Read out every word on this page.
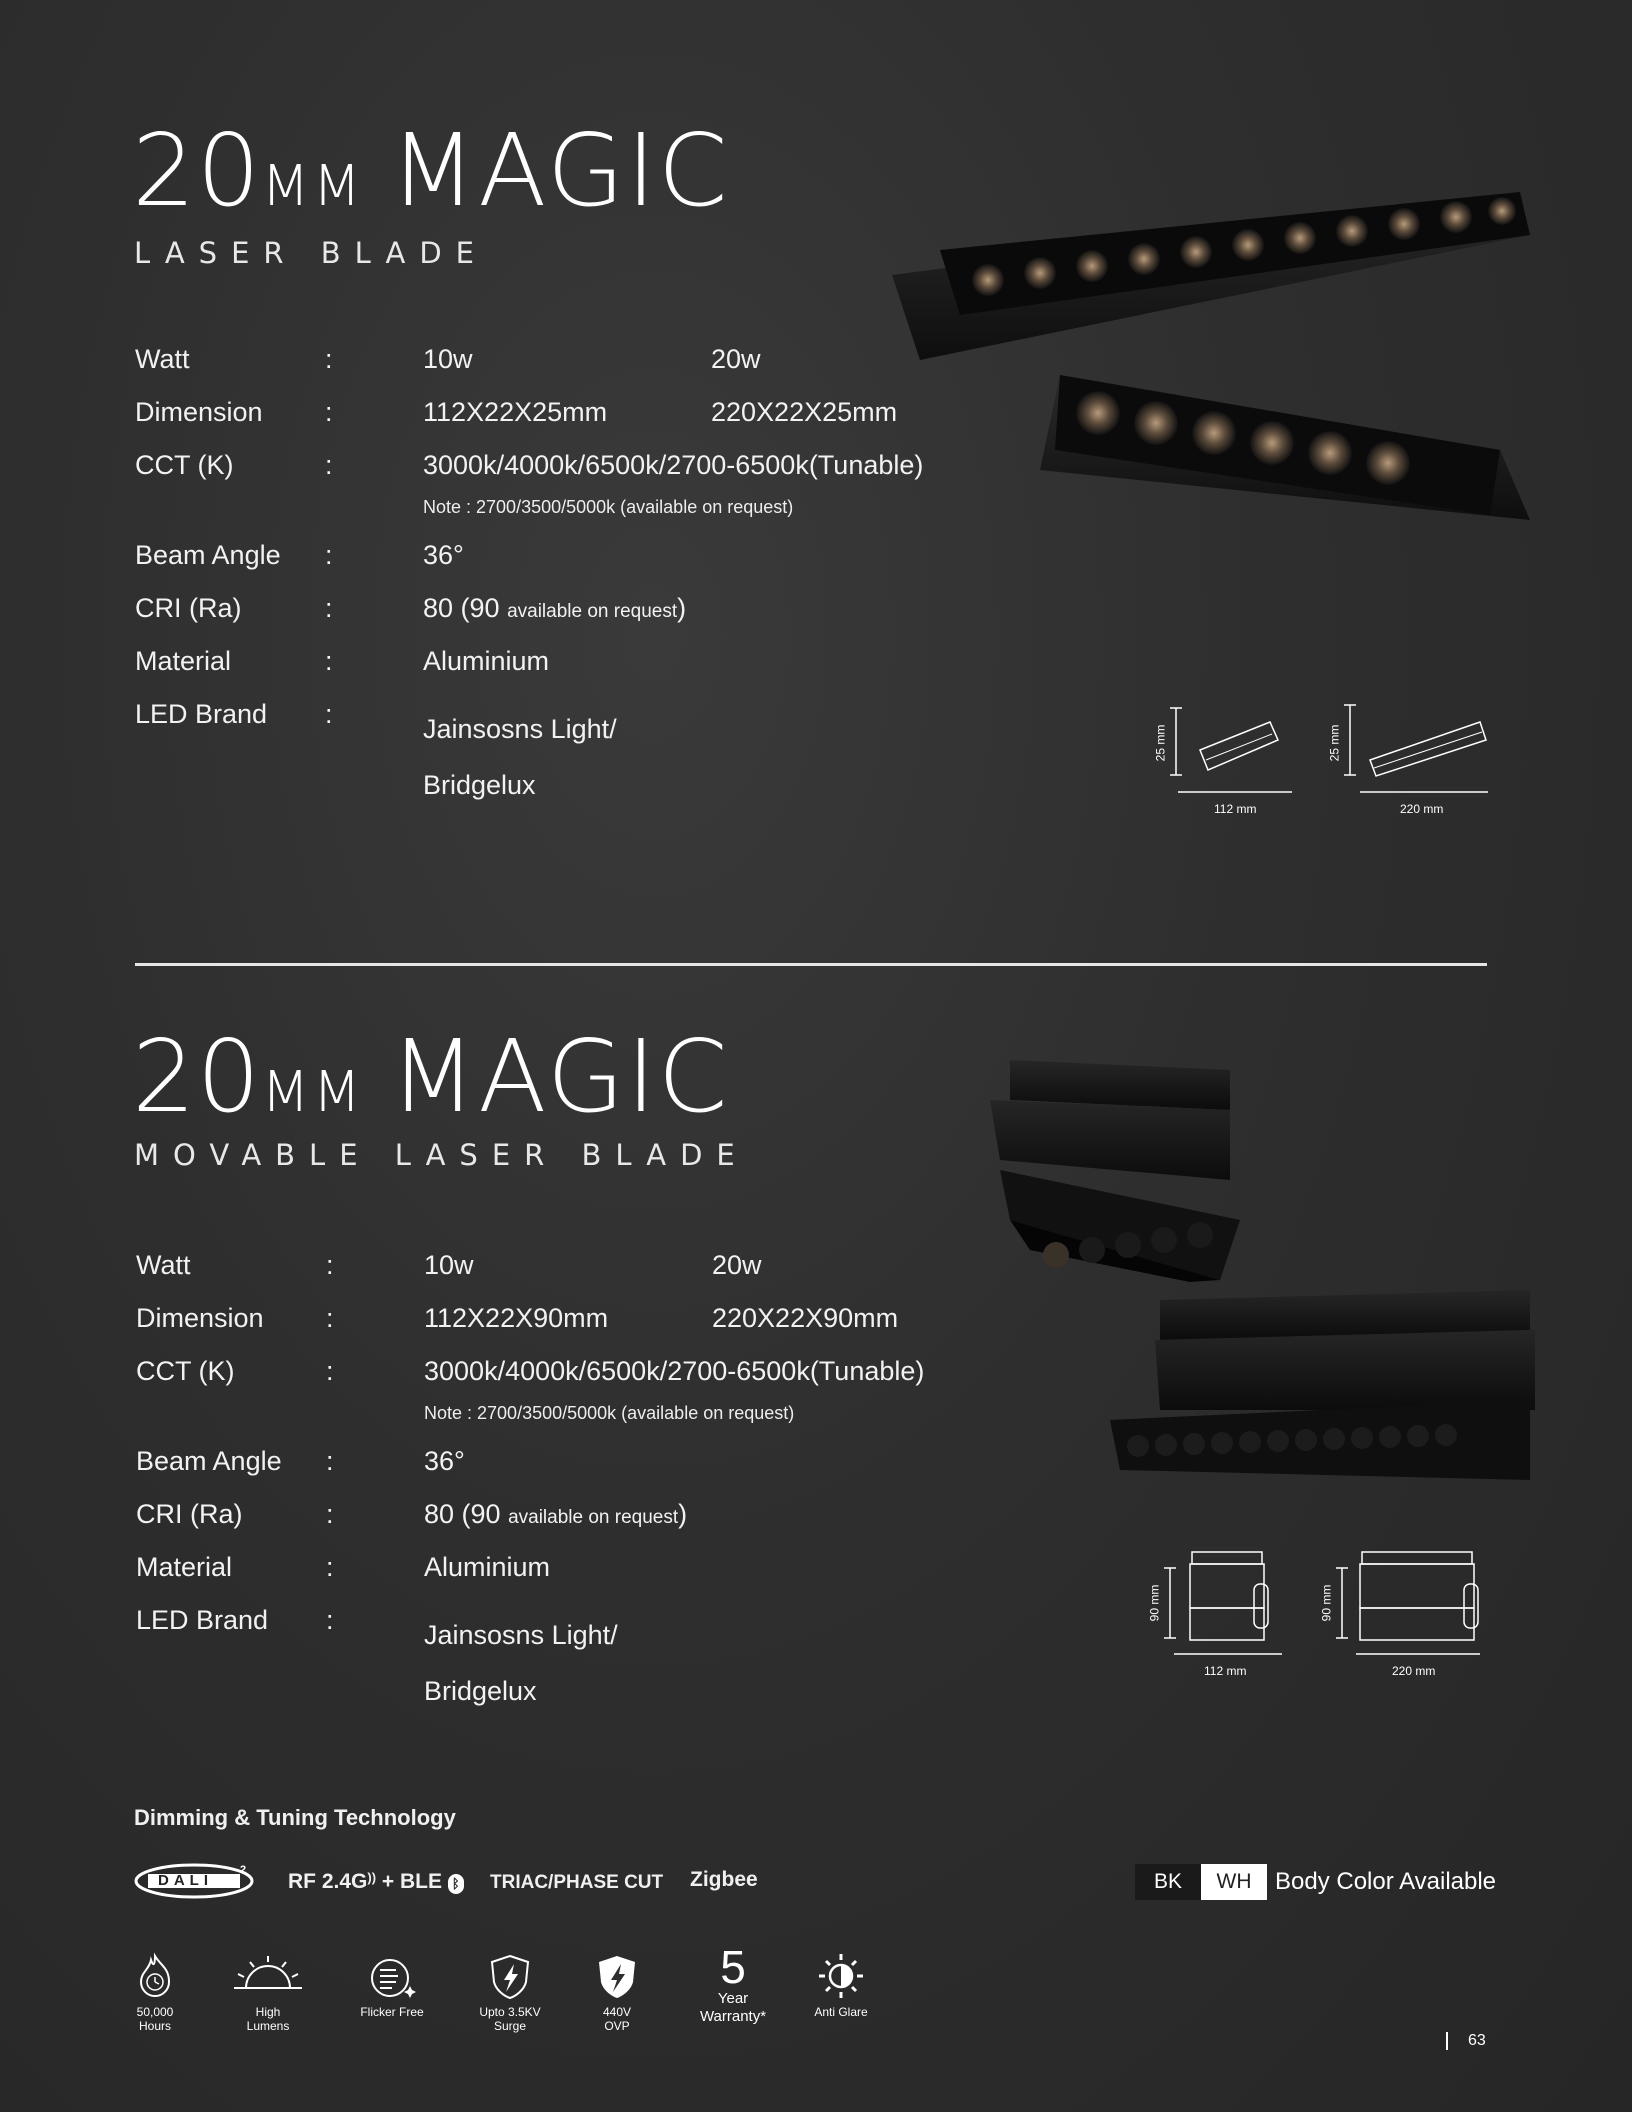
20MM MAGIC
LASER BLADE
Watt	:	10w	20w
Dimension :	112X22X25mm	220X22X25mm
CCT (K)	:	3000k/4000k/6500k/2700-6500k(Tunable)
Note : 2700/3500/5000k (available on request)
Beam Angle :	36°
CRI (Ra)	:	80 (90 available on request)
Material	:	Aluminium
LED Brand :	Jainsosns Light/
Bridgelux
25 mm
112 mm
25 mm
220 mm
20MM MAGIC
MOVABLE LASER BLADE
Watt	:	10w	20w
Dimension :	112X22X90mm	220X22X90mm
CCT (K)	:	3000k/4000k/6500k/2700-6500k(Tunable)
Note : 2700/3500/5000k (available on request)
Beam Angle :	36°
CRI (Ra)	:	80 (90 available on request)
Material	:	Aluminium
LED Brand :	Jainsosns Light/
Bridgelux
90 mm
112 mm
90 mm
220 mm
Dimming & Tuning Technology
DALI
2 RF 2.4G)) + BLE ᛒ TRIAC/PHASE CUT Zigbee	BK	WH Body Color Available
50,000
Hours
High
Lumens
Flicker Free	Upto 3.5KV
Surge
440V
OVP
5
Year
Warranty*	Anti Glare
63
